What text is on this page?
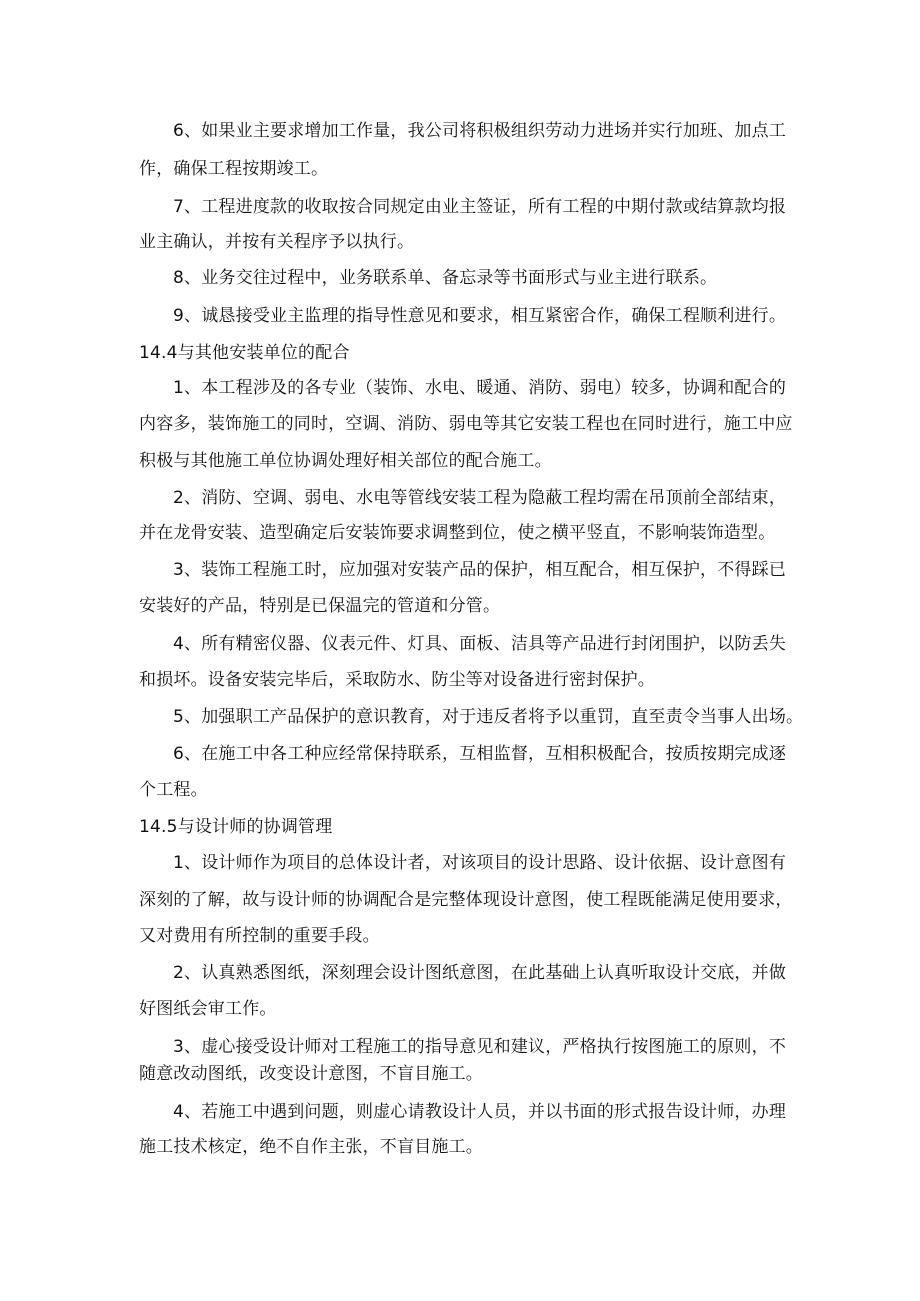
6、如果业主要求增加工作量，我公司将积极组织劳动力进场并实行加班、加点工
作，确保工程按期竣工。
7、工程进度款的收取按合同规定由业主签证，所有工程的中期付款或结算款均报
业主确认，并按有关程序予以执行。
8、业务交往过程中，业务联系单、备忘录等书面形式与业主进行联系。
9、诚恳接受业主监理的指导性意见和要求，相互紧密合作，确保工程顺利进行。
14.4与其他安装单位的配合
1、本工程涉及的各专业（装饰、水电、暖通、消防、弱电）较多，协调和配合的
内容多，装饰施工的同时，空调、消防、弱电等其它安装工程也在同时进行，施工中应
积极与其他施工单位协调处理好相关部位的配合施工。
2、消防、空调、弱电、水电等管线安装工程为隐蔽工程均需在吊顶前全部结束，
并在龙骨安装、造型确定后安装饰要求调整到位，使之横平竖直，不影响装饰造型。
3、装饰工程施工时，应加强对安装产品的保护，相互配合，相互保护，不得踩已
安装好的产品，特别是已保温完的管道和分管。
4、所有精密仪器、仪表元件、灯具、面板、洁具等产品进行封闭围护，以防丢失
和损坏。设备安装完毕后，采取防水、防尘等对设备进行密封保护。
5、加强职工产品保护的意识教育，对于违反者将予以重罚，直至责令当事人出场。
6、在施工中各工种应经常保持联系，互相监督，互相积极配合，按质按期完成逐
个工程。
14.5与设计师的协调管理
1、设计师作为项目的总体设计者，对该项目的设计思路、设计依据、设计意图有
深刻的了解，故与设计师的协调配合是完整体现设计意图，使工程既能满足使用要求，
又对费用有所控制的重要手段。
2、认真熟悉图纸，深刻理会设计图纸意图，在此基础上认真听取设计交底，并做
好图纸会审工作。
3、虚心接受设计师对工程施工的指导意见和建议，严格执行按图施工的原则，不
随意改动图纸，改变设计意图，不盲目施工。
4、若施工中遇到问题，则虚心请教设计人员，并以书面的形式报告设计师，办理
施工技术核定，绝不自作主张，不盲目施工。
